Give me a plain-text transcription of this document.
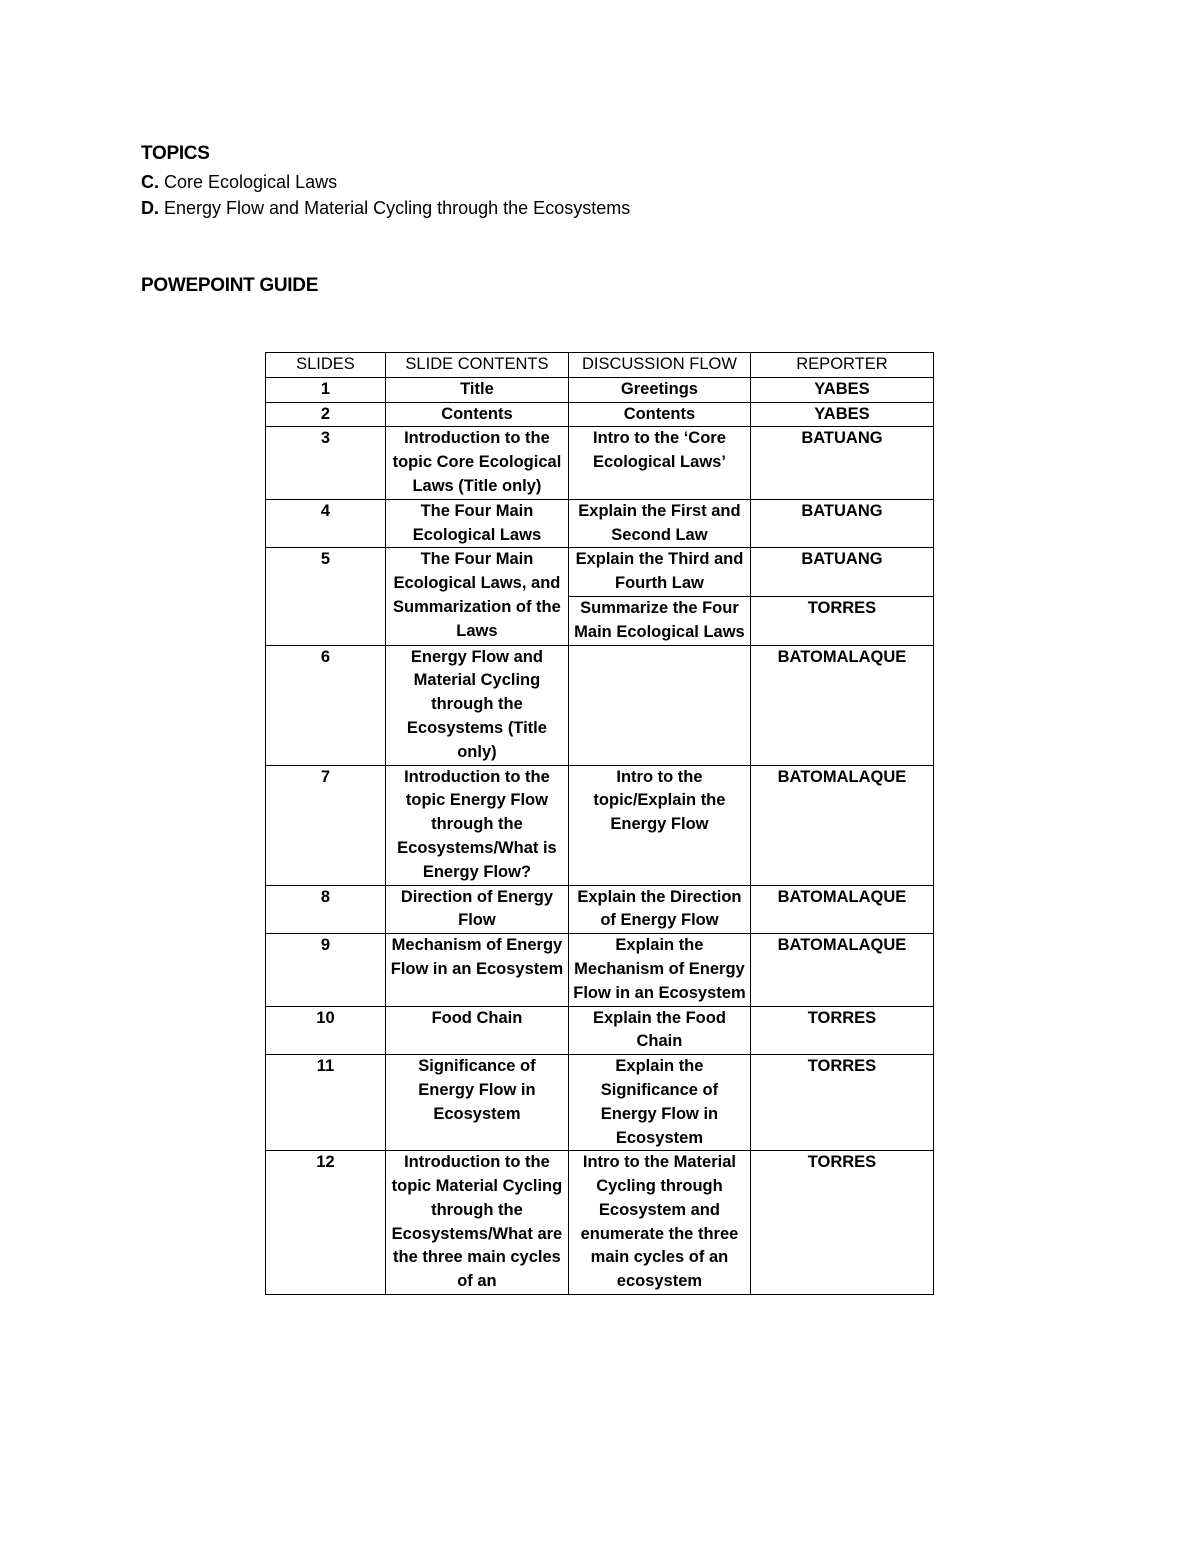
TOPICS
C. Core Ecological Laws
D. Energy Flow and Material Cycling through the Ecosystems
POWEPOINT GUIDE
SLIDES	SLIDE CONTENTS	DISCUSSION FLOW	REPORTER
1	Title	Greetings	YABES
2	Contents	Contents	YABES
3	Introduction to the topic Core Ecological Laws (Title only)	Intro to the ‘Core Ecological Laws’	BATUANG
4	The Four Main Ecological Laws	Explain the First and Second Law	BATUANG
5	The Four Main Ecological Laws, and Summarization of the Laws	Explain the Third and Fourth Law	BATUANG
		Summarize the Four Main Ecological Laws	TORRES
6	Energy Flow and Material Cycling through the Ecosystems (Title only)		BATOMALAQUE
7	Introduction to the topic Energy Flow through the Ecosystems/What is Energy Flow?	Intro to the topic/Explain the Energy Flow	BATOMALAQUE
8	Direction of Energy Flow	Explain the Direction of Energy Flow	BATOMALAQUE
9	Mechanism of Energy Flow in an Ecosystem	Explain the Mechanism of Energy Flow in an Ecosystem	BATOMALAQUE
10	Food Chain	Explain the Food Chain	TORRES
11	Significance of Energy Flow in Ecosystem	Explain the Significance of Energy Flow in Ecosystem	TORRES
12	Introduction to the topic Material Cycling through the Ecosystems/What are the three main cycles of an	Intro to the Material Cycling through Ecosystem and enumerate the three main cycles of an ecosystem	TORRES
